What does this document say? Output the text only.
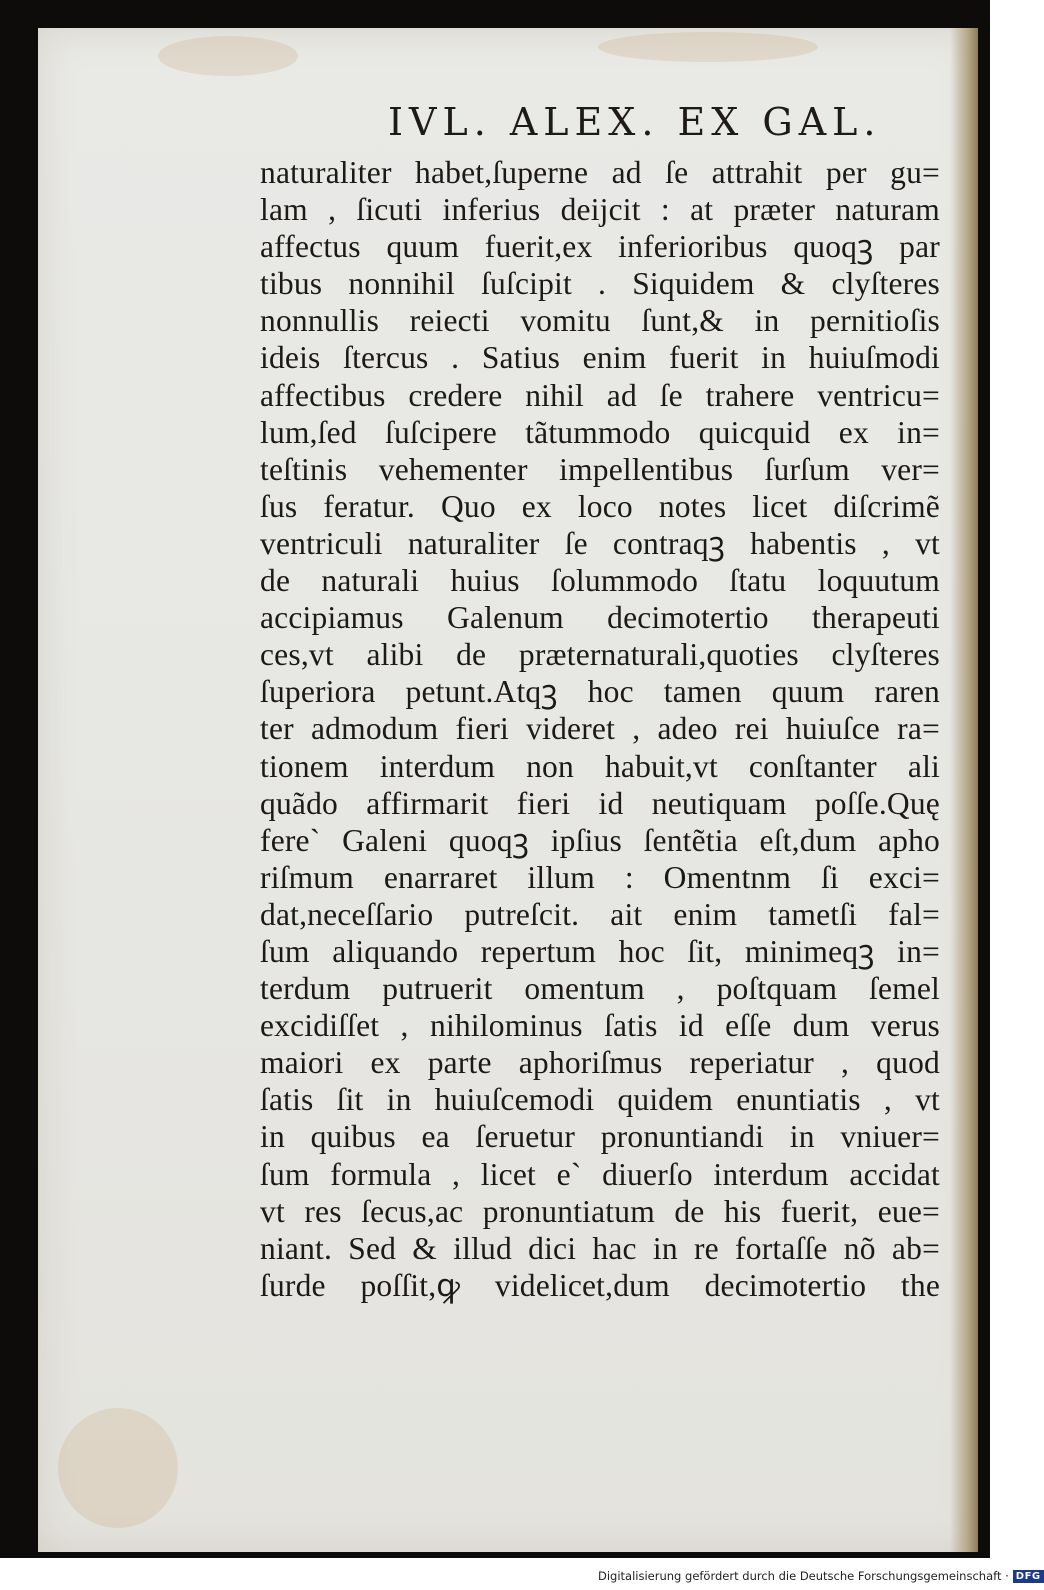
IVL. ALEX. EX GAL.
naturaliter habet,ſuperne ad ſe attrahit per gu=
lam , ſicuti inferius deijcit : at præter naturam
affectus quum fuerit,ex inferioribus quoqꝫ par
tibus nonnihil ſuſcipit . Siquidem & clyſteres
nonnullis reiecti vomitu ſunt,& in pernitioſis
ideis ſtercus . Satius enim fuerit in huiuſmodi
affectibus credere nihil ad ſe trahere ventricu=
lum,ſed ſuſcipere tãtummodo quicquid ex in=
teſtinis vehementer impellentibus ſurſum ver=
ſus feratur. Quo ex loco notes licet diſcrimẽ
ventriculi naturaliter ſe contraqꝫ habentis , vt
de naturali huius ſolummodo ſtatu loquutum
accipiamus Galenum decimotertio therapeuti
ces,vt alibi de præternaturali,quoties clyſteres
ſuperiora petunt.Atqꝫ hoc tamen quum raren
ter admodum fieri videret , adeo rei huiuſce ra=
tionem interdum non habuit,vt conſtanter ali
quãdo affirmarit fieri id neutiquam poſſe.Quę
fere` Galeni quoqꝫ ipſius ſentẽtia eſt,dum apho
riſmum enarraret illum : Omentnm ſi exci=
dat,neceſſario putreſcit. ait enim tametſi fal=
ſum aliquando repertum hoc ſit, minimeqꝫ in=
terdum putruerit omentum , poſtquam ſemel
excidiſſet , nihilominus ſatis id eſſe dum verus
maiori ex parte aphoriſmus reperiatur , quod
ſatis ſit in huiuſcemodi quidem enuntiatis , vt
in quibus ea ſeruetur pronuntiandi in vniuer=
ſum formula , licet e` diuerſo interdum accidat
vt res ſecus,ac pronuntiatum de his fuerit, eue=
niant. Sed & illud dici hac in re fortaſſe nõ ab=
ſurde poſſit,ꝙ videlicet,dum decimotertio the
Digitalisierung gefördert durch die Deutsche Forschungsgemeinschaft · DFG
